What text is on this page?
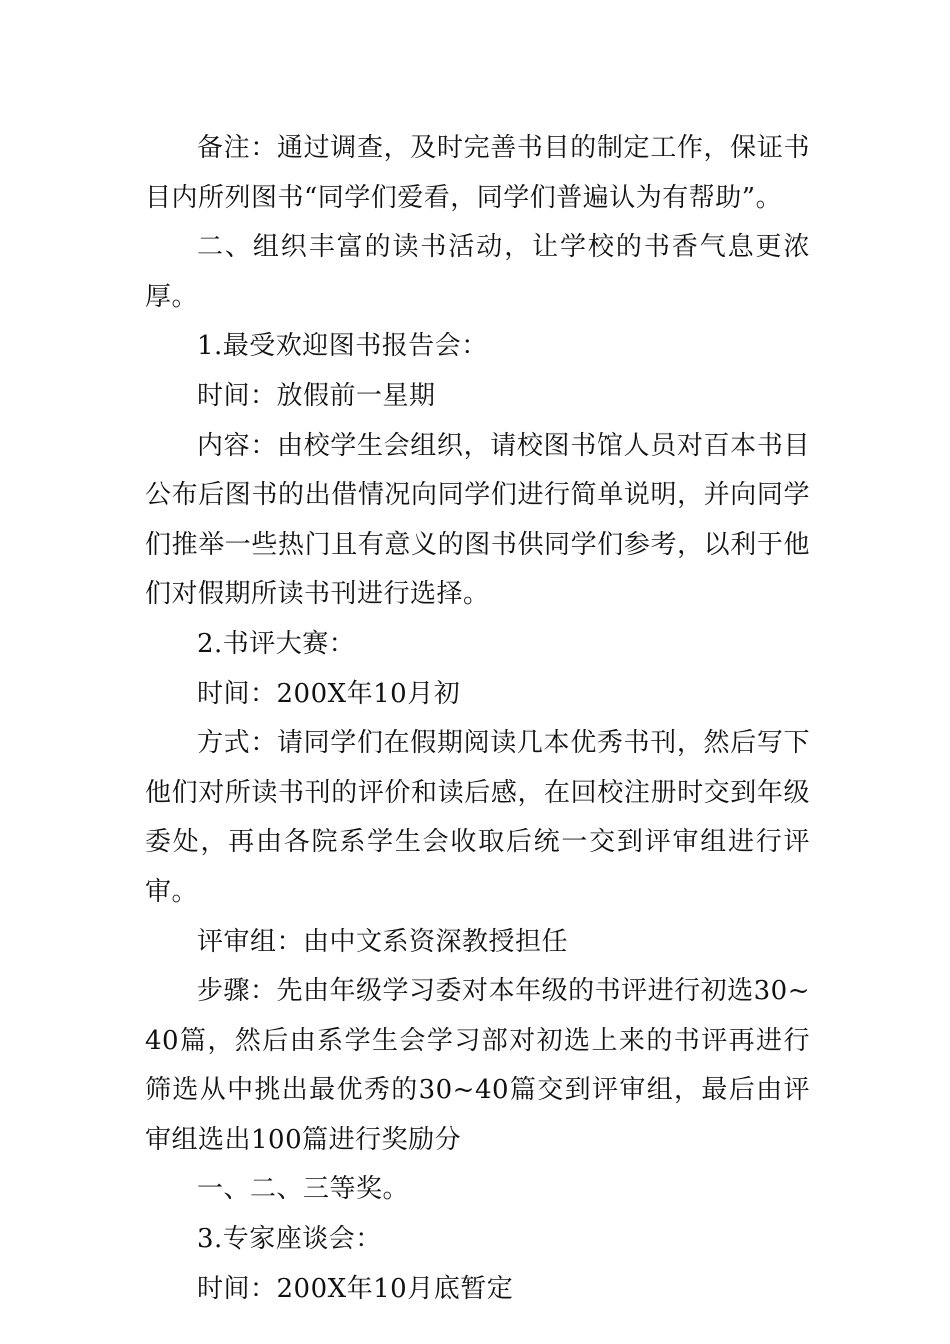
备注：通过调查，及时完善书目的制定工作，保证书目内所列图书“同学们爱看，同学们普遍认为有帮助”。

二、组织丰富的读书活动，让学校的书香气息更浓厚。

1.最受欢迎图书报告会：

时间：放假前一星期

内容：由校学生会组织，请校图书馆人员对百本书目公布后图书的出借情况向同学们进行简单说明，并向同学们推举一些热门且有意义的图书供同学们参考，以利于他们对假期所读书刊进行选择。

2.书评大赛：

时间：200X年10月初

方式：请同学们在假期阅读几本优秀书刊，然后写下他们对所读书刊的评价和读后感，在回校注册时交到年级委处，再由各院系学生会收取后统一交到评审组进行评审。

评审组：由中文系资深教授担任

步骤：先由年级学习委对本年级的书评进行初选30~40篇，然后由系学生会学习部对初选上来的书评再进行筛选从中挑出最优秀的30~40篇交到评审组，最后由评审组选出100篇进行奖励分

一、二、三等奖。

3.专家座谈会：

时间：200X年10月底暂定
